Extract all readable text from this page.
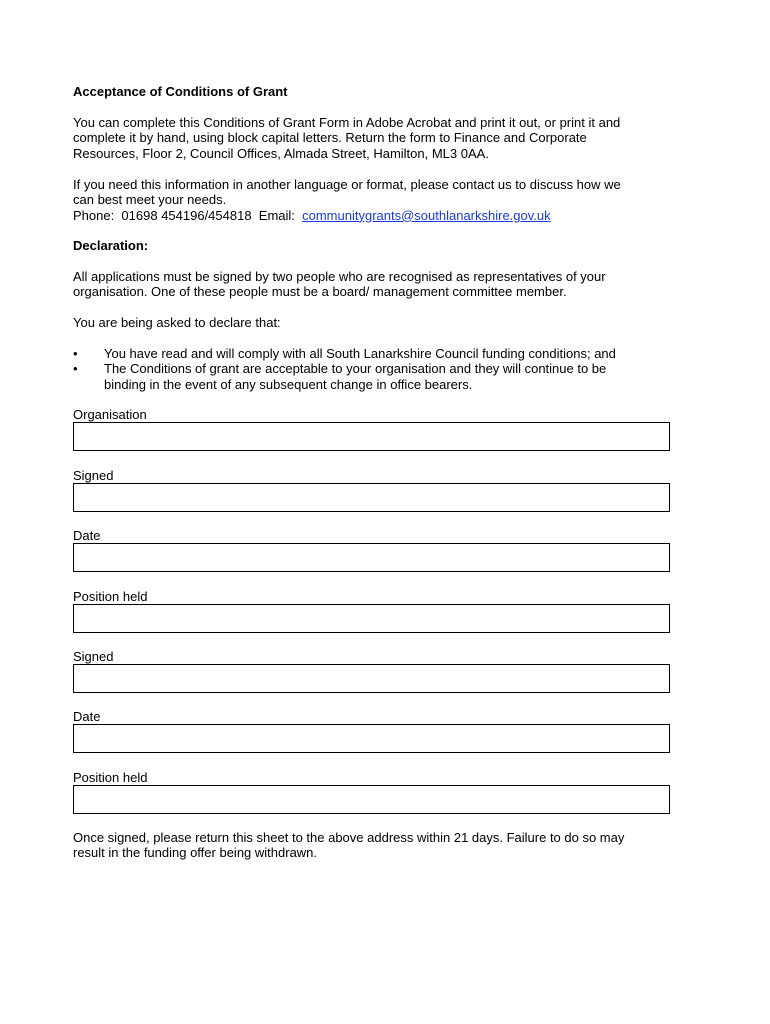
Acceptance of Conditions of Grant
You can complete this Conditions of Grant Form in Adobe Acrobat and print it out, or print it and
complete it by hand, using block capital letters. Return the form to Finance and Corporate
Resources, Floor 2, Council Offices, Almada Street, Hamilton, ML3 0AA.
If you need this information in another language or format, please contact us to discuss how we
can best meet your needs.
Phone:  01698 454196/454818  Email:  communitygrants@southlanarkshire.gov.uk
Declaration:
All applications must be signed by two people who are recognised as representatives of your
organisation. One of these people must be a board/ management committee member.
You are being asked to declare that:
• You have read and will comply with all South Lanarkshire Council funding conditions; and
• The Conditions of grant are acceptable to your organisation and they will continue to be
binding in the event of any subsequent change in office bearers.
Organisation
Signed
Date
Position held
Signed
Date
Position held
Once signed, please return this sheet to the above address within 21 days. Failure to do so may
result in the funding offer being withdrawn.
